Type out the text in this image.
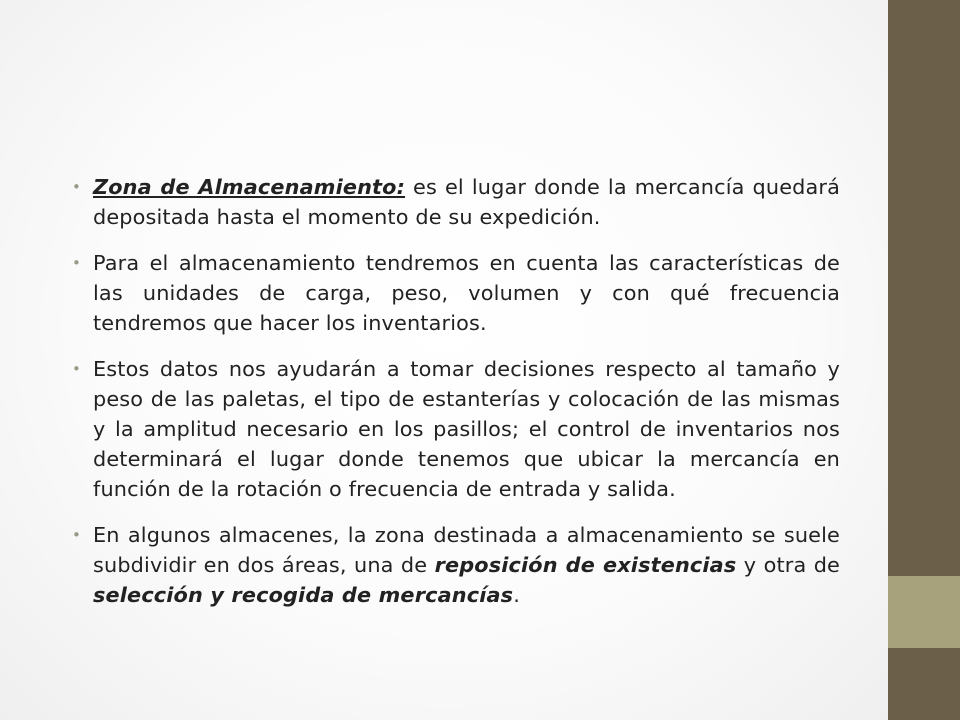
• Zona de Almacenamiento: es el lugar donde la mercancía quedará depositada hasta el momento de su expedición.
• Para el almacenamiento tendremos en cuenta las características de las unidades de carga, peso, volumen y con qué frecuencia tendremos que hacer los inventarios.
• Estos datos nos ayudarán a tomar decisiones respecto al tamaño y peso de las paletas, el tipo de estanterías y colocación de las mismas y la amplitud necesario en los pasillos; el control de inventarios nos determinará el lugar donde tenemos que ubicar la mercancía en función de la rotación o frecuencia de entrada y salida.
• En algunos almacenes, la zona destinada a almacenamiento se suele subdividir en dos áreas, una de reposición de existencias y otra de selección y recogida de mercancías.
